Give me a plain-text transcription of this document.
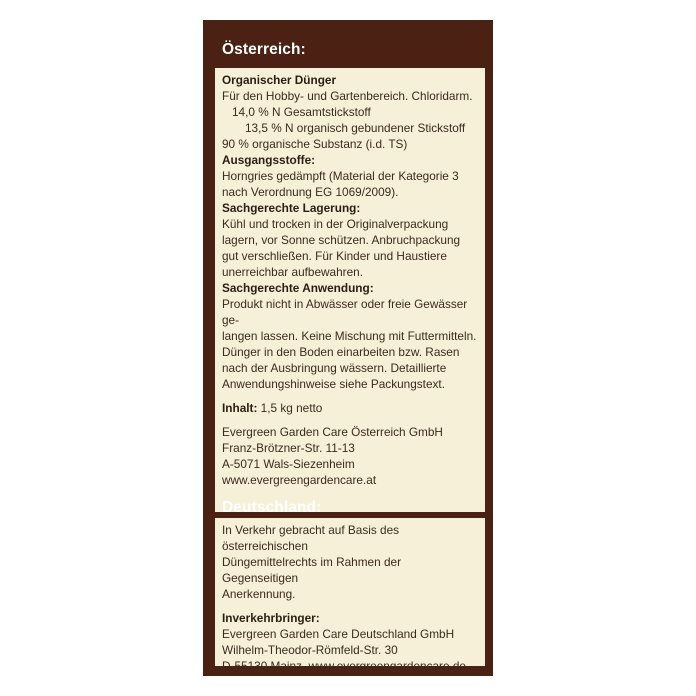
Österreich:

Organischer Dünger

Für den Hobby- und Gartenbereich. Chloridarm.

14,0 % N Gesamtstickstoff

13,5 % N organisch gebundener Stickstoff

90 % organische Substanz (i.d. TS)

Ausgangsstoffe:

Horngries gedämpft (Material der Kategorie 3

nach Verordnung EG 1069/2009).

Sachgerechte Lagerung:

Kühl und trocken in der Originalverpackung

lagern, vor Sonne schützen. Anbruchpackung

gut verschließen. Für Kinder und Haustiere

unerreichbar aufbewahren.

Sachgerechte Anwendung:

Produkt nicht in Abwässer oder freie Gewässer ge-

langen lassen. Keine Mischung mit Futtermitteln.

Dünger in den Boden einarbeiten bzw. Rasen

nach der Ausbringung wässern. Detaillierte

Anwendungshinweise siehe Packungstext.

Inhalt: 1,5 kg netto

Evergreen Garden Care Österreich GmbH

Franz-Brötzner-Str. 11-13

A-5071 Wals-Siezenheim

www.evergreengardencare.at

Deutschland:

In Verkehr gebracht auf Basis des österreichischen

Düngemittelrechts im Rahmen der Gegenseitigen

Anerkennung.

Inverkehrbringer:

Evergreen Garden Care Deutschland GmbH

Wilhelm-Theodor-Römfeld-Str. 30

D-55130 Mainz, www.evergreengardencare.de
